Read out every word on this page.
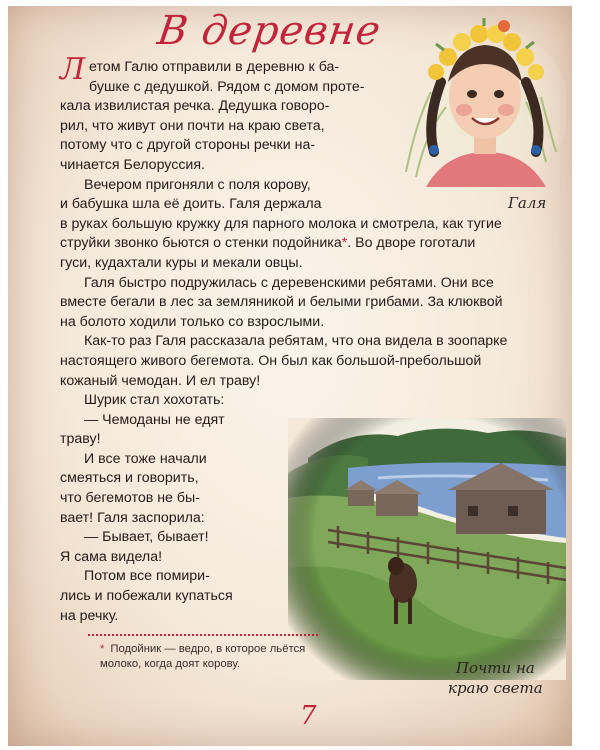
В деревне
Галя
Л етом Галю отправили в деревню к ба-
бушке с дедушкой. Рядом с домом проте-
кала извилистая речка. Дедушка говоро-
рил, что живут они почти на краю света,
потому что с другой стороны речки на-
чинается Белоруссия.
Вечером пригоняли с поля корову,
и бабушка шла её доить. Галя держала

в руках большую кружку для парного молока и смотрела, как тугие струйки звонко бьются о стенки подойника*. Во дворе гоготали гуси, кудахтали куры и мекали овцы.

Галя быстро подружилась с деревенскими ребятами. Они все вместе бегали в лес за земляникой и белыми грибами. За клюквой на болото ходили только со взрослыми.

Как-то раз Галя рассказала ребятам, что она видела в зоопарке настоящего живого бегемота. Он был как большой-пребольшой кожаный чемодан. И ел траву!

Шурик стал хохотать:
— Чемоданы не едят
траву!
И все тоже начали
смеяться и говорить,
что бегемотов не бы-
вает! Галя заспорила:
— Бывает, бывает!
Я сама видела!
Потом все помири-
лись и побежали купаться
на речку.
Почти на
краю света
* Подойник — ведро, в которое льётся молоко, когда доят корову.
7
